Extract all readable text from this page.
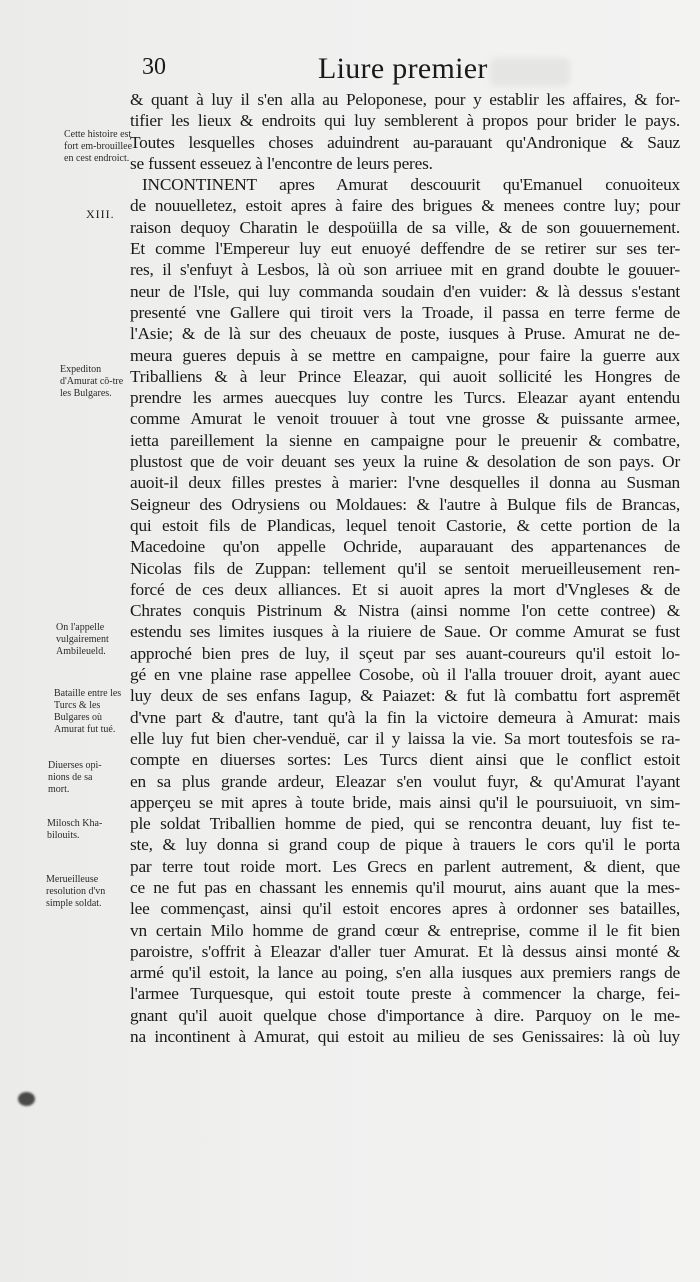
30	Liure premier
Cette histoire est fort em-brouillee en cest endroict.
XIII.
Expediton d'Amurat cō-tre les Bulgares.
On l'appelle vulgairement Ambileueld.
Bataille entre les Turcs & les Bulgares où Amurat fut tué.
Diuerses opi-nions de sa mort.
Milosch Kha-bilouits.
Merueilleuse resolution d'vn simple soldat.
& quant à luy il s'en alla au Peloponese, pour y establir les affaires, & for-
tifier les lieux & endroits qui luy semblerent à propos pour brider le pays.
Toutes lesquelles choses aduindrent au-parauant qu'Andronique & Sauz
se fussent esseuez à l'encontre de leurs peres.
INCONTINENT apres Amurat descouurit qu'Emanuel conuoiteux
de nouuelletez, estoit apres à faire des brigues & menees contre luy; pour
raison dequoy Charatin le despoüilla de sa ville, & de son gouuernement.
Et comme l'Empereur luy eut enuoyé deffendre de se retirer sur ses ter-
res, il s'enfuyt à Lesbos, là où son arriuee mit en grand doubte le gouuer-
neur de l'Isle, qui luy commanda soudain d'en vuider: & là dessus s'estant
presenté vne Gallere qui tiroit vers la Troade, il passa en terre ferme de
l'Asie; & de là sur des cheuaux de poste, iusques à Pruse. Amurat ne de-
meura gueres depuis à se mettre en campaigne, pour faire la guerre aux
Triballiens & à leur Prince Eleazar, qui auoit sollicité les Hongres de
prendre les armes auecques luy contre les Turcs. Eleazar ayant entendu
comme Amurat le venoit trouuer à tout vne grosse & puissante armee,
ietta pareillement la sienne en campaigne pour le preuenir & combatre,
plustost que de voir deuant ses yeux la ruine & desolation de son pays. Or
auoit-il deux filles prestes à marier: l'vne desquelles il donna au Susman
Seigneur des Odrysiens ou Moldaues: & l'autre à Bulque fils de Brancas,
qui estoit fils de Plandicas, lequel tenoit Castorie, & cette portion de la
Macedoine qu'on appelle Ochride, auparauant des appartenances de
Nicolas fils de Zuppan: tellement qu'il se sentoit merueilleusement ren-
forcé de ces deux alliances. Et si auoit apres la mort d'Vngleses & de
Chrates conquis Pistrinum & Nistra (ainsi nomme l'on cette contree) &
estendu ses limites iusques à la riuiere de Saue. Or comme Amurat se fust
approché bien pres de luy, il sçeut par ses auant-coureurs qu'il estoit lo-
gé en vne plaine rase appellee Cosobe, où il l'alla trouuer droit, ayant auec
luy deux de ses enfans Iagup, & Paiazet: & fut là combattu fort aspremēt
d'vne part & d'autre, tant qu'à la fin la victoire demeura à Amurat: mais
elle luy fut bien cher-venduë, car il y laissa la vie. Sa mort toutesfois se ra-
compte en diuerses sortes: Les Turcs dient ainsi que le conflict estoit
en sa plus grande ardeur, Eleazar s'en voulut fuyr, & qu'Amurat l'ayant
apperçeu se mit apres à toute bride, mais ainsi qu'il le poursuiuoit, vn sim-
ple soldat Triballien homme de pied, qui se rencontra deuant, luy fist te-
ste, & luy donna si grand coup de pique à trauers le cors qu'il le porta
par terre tout roide mort. Les Grecs en parlent autrement, & dient, que
ce ne fut pas en chassant les ennemis qu'il mourut, ains auant que la mes-
lee commençast, ainsi qu'il estoit encores apres à ordonner ses batailles,
vn certain Milo homme de grand cœur & entreprise, comme il le fit bien
paroistre, s'offrit à Eleazar d'aller tuer Amurat. Et là dessus ainsi monté &
armé qu'il estoit, la lance au poing, s'en alla iusques aux premiers rangs de
l'armee Turquesque, qui estoit toute preste à commencer la charge, fei-
gnant qu'il auoit quelque chose d'importance à dire. Parquoy on le me-
na incontinent à Amurat, qui estoit au milieu de ses Genissaires: là où luy
